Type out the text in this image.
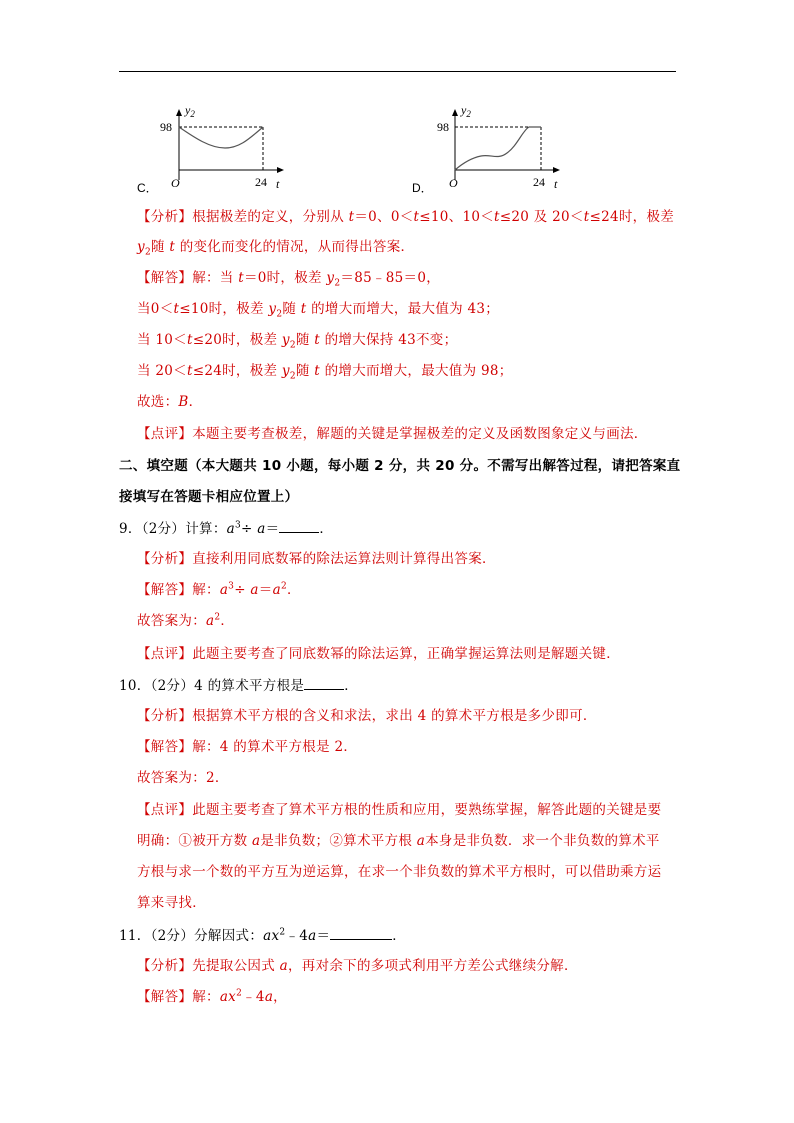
$y_2$
98
O	24 t
C．
$y_2$
98
O	24 t
D．
【分析】根据极差的定义，分别从 t＝0、0＜t≤10、10＜t≤20 及 20＜t≤24时，极差
$y_2$随 t 的变化而变化的情况，从而得出答案．
【解答】解：当 t＝0时，极差 $y_2=85﹣85=0$，
当0＜t≤10时，极差 $y_2$随 t 的增大而增大，最大值为 43；
当 10＜t≤20时，极差 $y_2$随 t 的增大保持 43不变；
当 20＜t≤24时，极差 $y_2$随 t 的增大而增大，最大值为 98；
故选：B．
【点评】本题主要考查极差，解题的关键是掌握极差的定义及函数图象定义与画法．
二、填空题（本大题共 10 小题，每小题 2 分，共 20 分。不需写出解答过程，请把答案直
接填写在答题卡相应位置上）
9．（2分）计算：$a^3\div a=$	．
【分析】直接利用同底数幂的除法运算法则计算得出答案．
【解答】解：$a^3\div a=a^2$．
故答案为：$a^2$．
【点评】此题主要考查了同底数幂的除法运算，正确掌握运算法则是解题关键．
10．（2分）4 的算术平方根是	．
【分析】根据算术平方根的含义和求法，求出 4 的算术平方根是多少即可．
【解答】解：4 的算术平方根是 2．
故答案为：2．
【点评】此题主要考查了算术平方根的性质和应用，要熟练掌握，解答此题的关键是要
明确：①被开方数 a是非负数；②算术平方根 a本身是非负数．求一个非负数的算术平
方根与求一个数的平方互为逆运算，在求一个非负数的算术平方根时，可以借助乘方运
算来寻找．
11．（2分）分解因式：$ax^2﹣4a=$	．
【分析】先提取公因式 a，再对余下的多项式利用平方差公式继续分解．
【解答】解：$ax^2﹣4a$，
